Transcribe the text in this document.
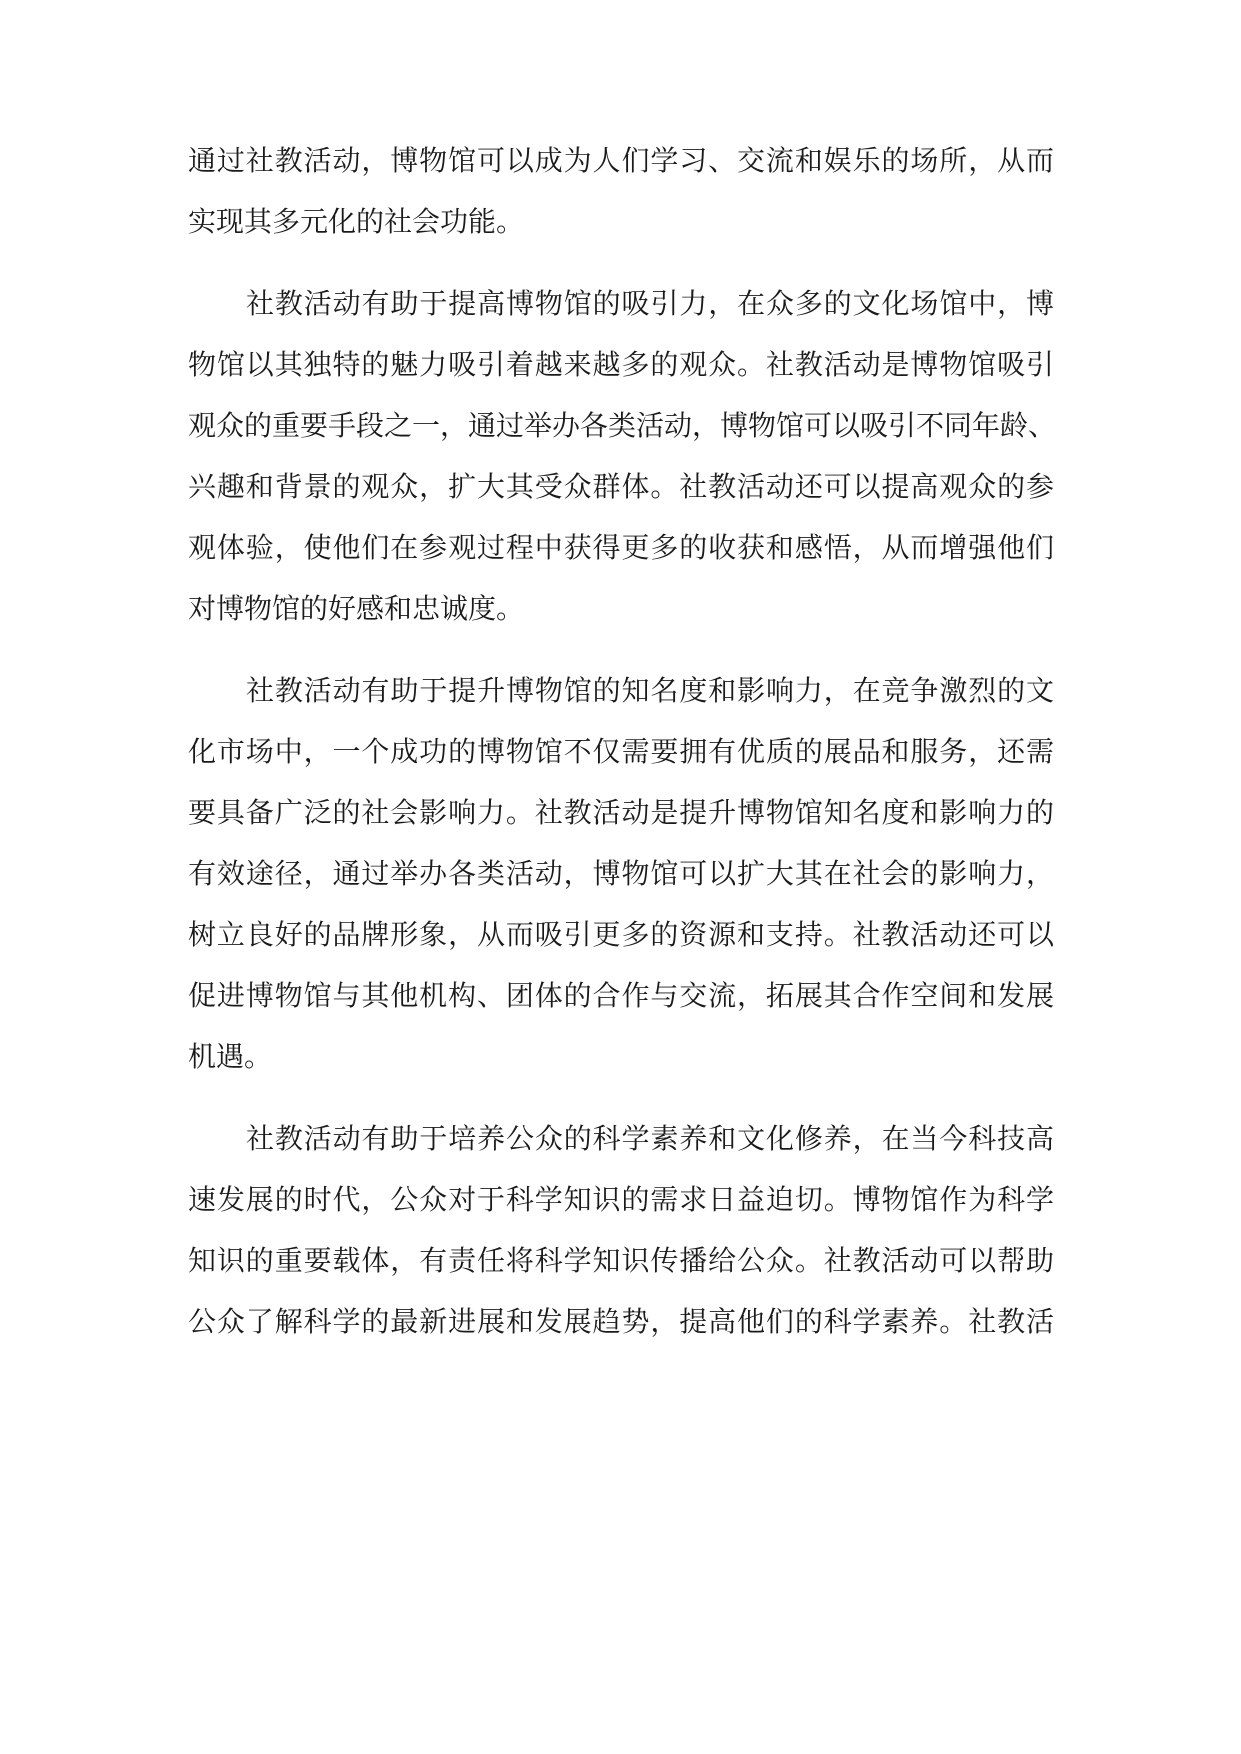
通过社教活动，博物馆可以成为人们学习、交流和娱乐的场所，从而
实现其多元化的社会功能。
社教活动有助于提高博物馆的吸引力，在众多的文化场馆中，博
物馆以其独特的魅力吸引着越来越多的观众。社教活动是博物馆吸引
观众的重要手段之一，通过举办各类活动，博物馆可以吸引不同年龄、
兴趣和背景的观众，扩大其受众群体。社教活动还可以提高观众的参
观体验，使他们在参观过程中获得更多的收获和感悟，从而增强他们
对博物馆的好感和忠诚度。
社教活动有助于提升博物馆的知名度和影响力，在竞争激烈的文
化市场中，一个成功的博物馆不仅需要拥有优质的展品和服务，还需
要具备广泛的社会影响力。社教活动是提升博物馆知名度和影响力的
有效途径，通过举办各类活动，博物馆可以扩大其在社会的影响力，
树立良好的品牌形象，从而吸引更多的资源和支持。社教活动还可以
促进博物馆与其他机构、团体的合作与交流，拓展其合作空间和发展
机遇。
社教活动有助于培养公众的科学素养和文化修养，在当今科技高
速发展的时代，公众对于科学知识的需求日益迫切。博物馆作为科学
知识的重要载体，有责任将科学知识传播给公众。社教活动可以帮助
公众了解科学的最新进展和发展趋势，提高他们的科学素养。社教活
